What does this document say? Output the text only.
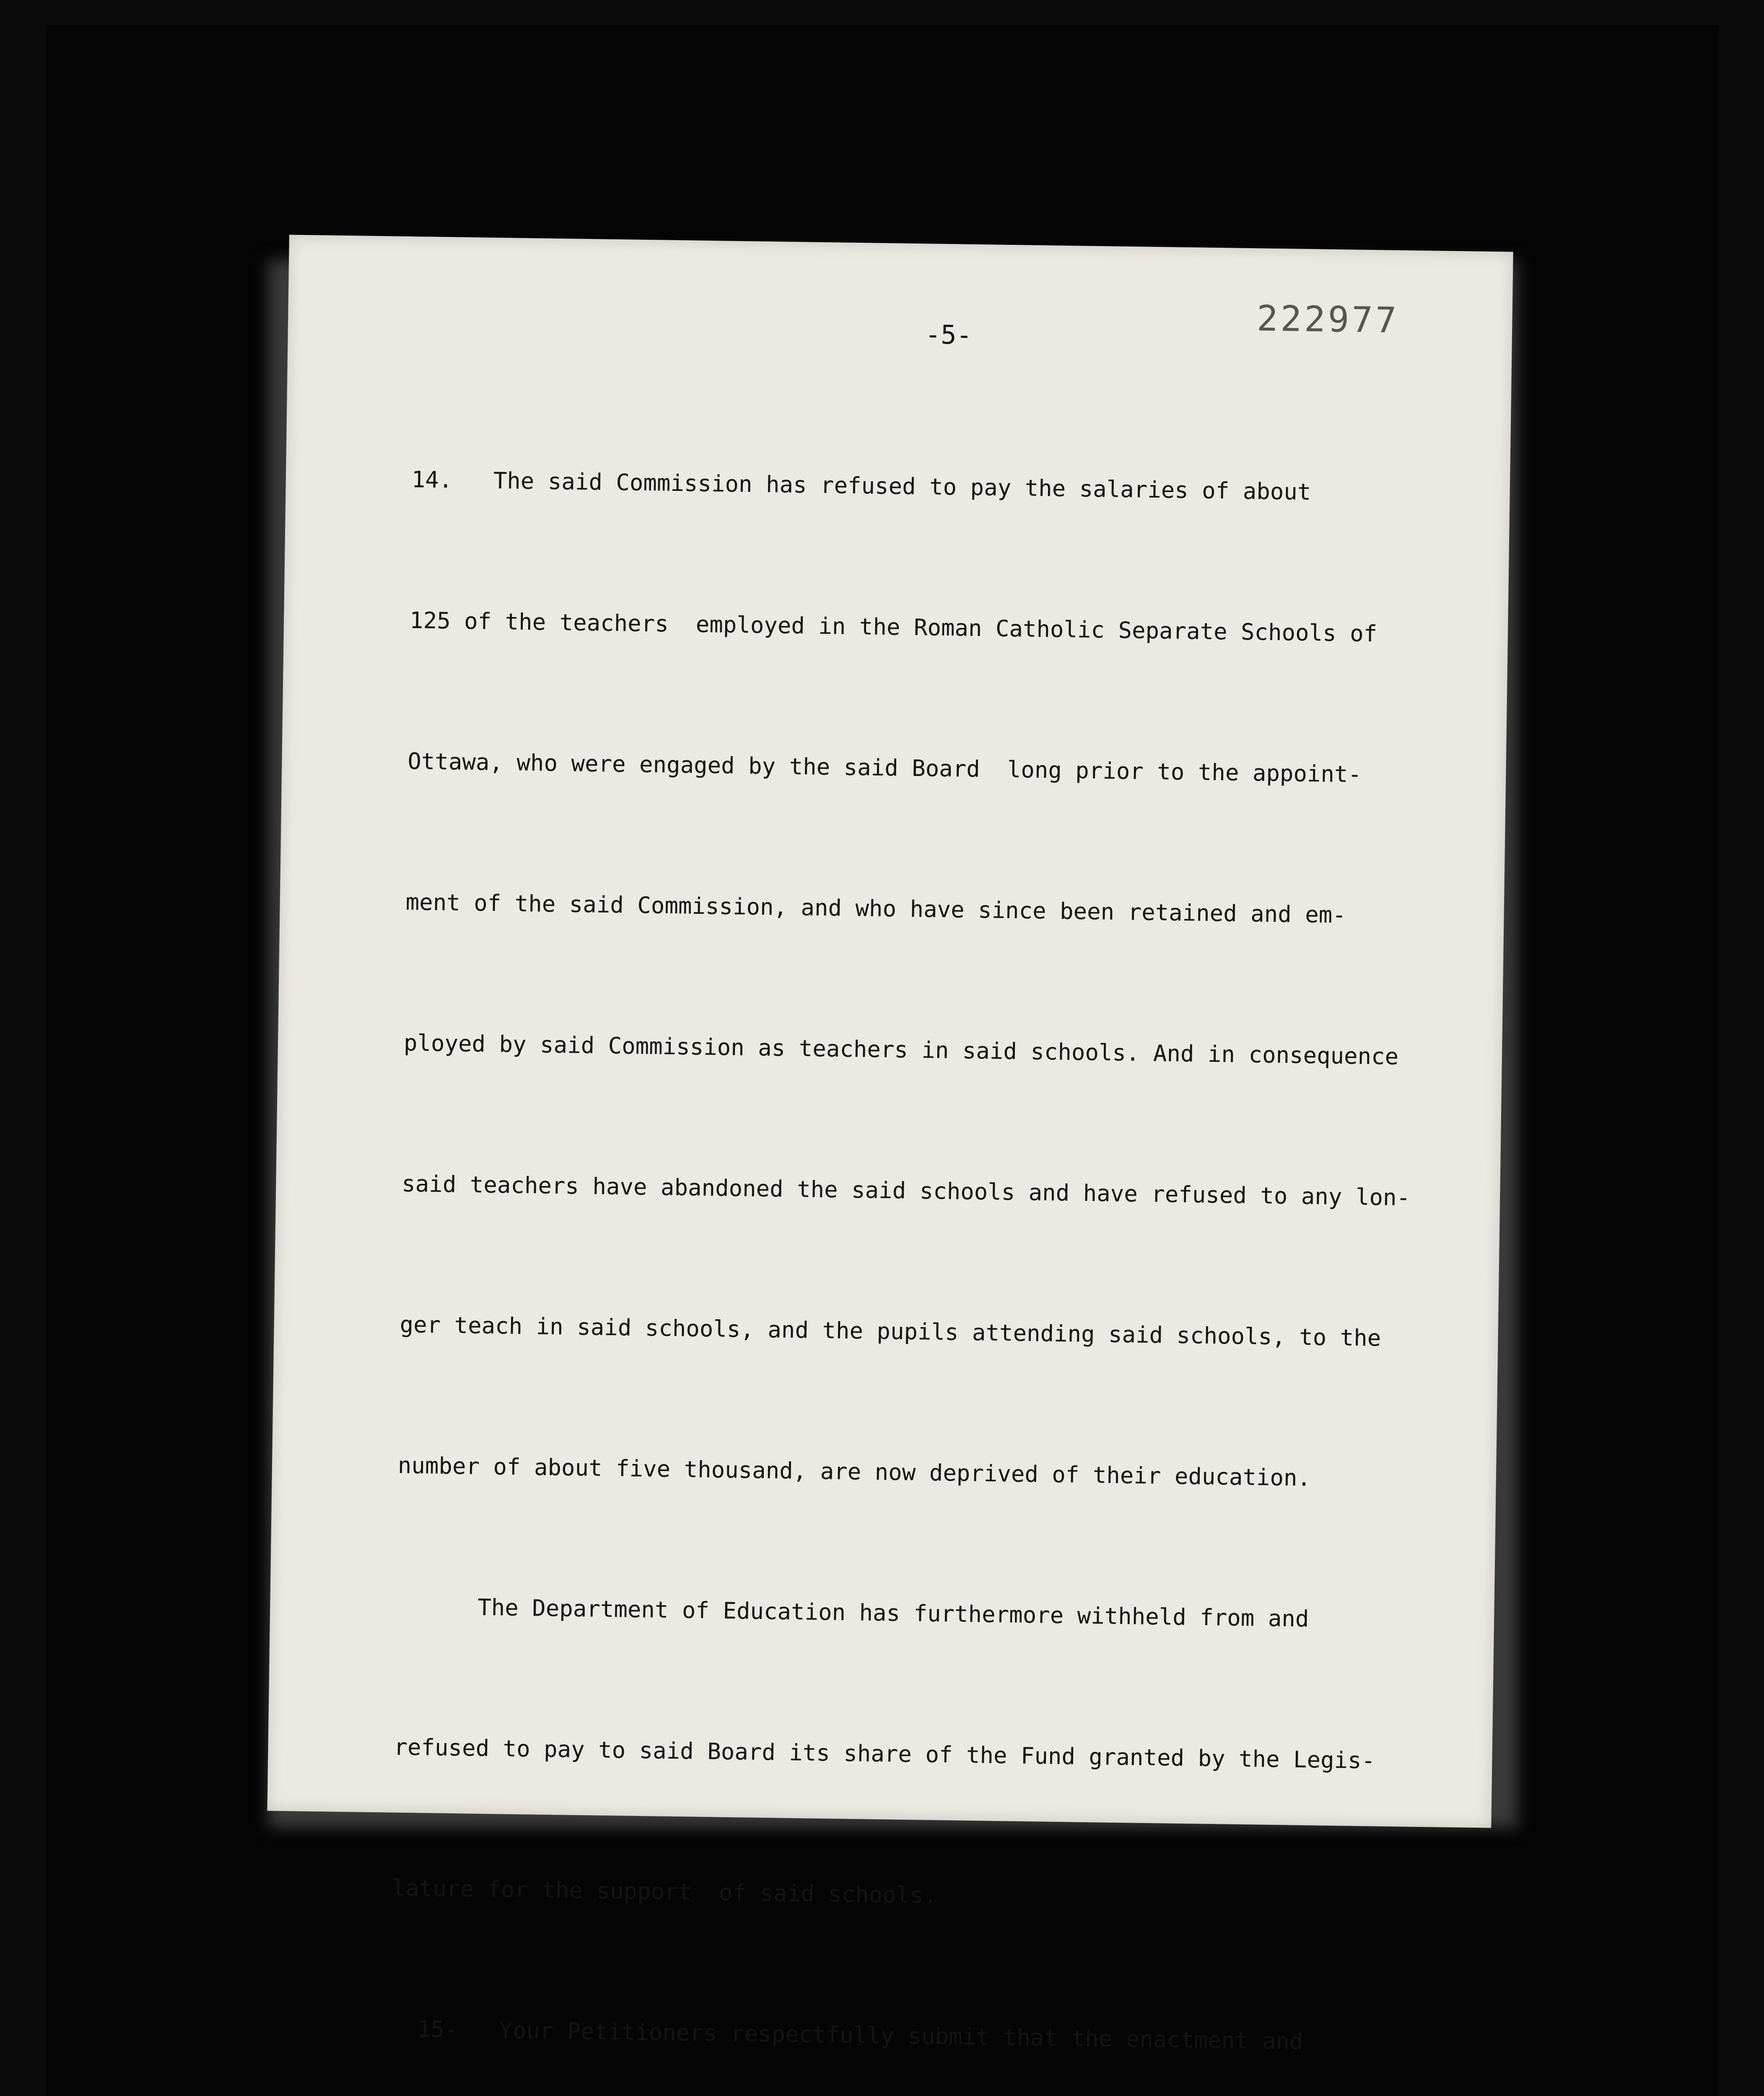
222977
-5-

14.   The said Commission has refused to pay the salaries of about

125 of the teachers  employed in the Roman Catholic Separate Schools of

Ottawa, who were engaged by the said Board  long prior to the appoint-

ment of the said Commission, and who have since been retained and em-

ployed by said Commission as teachers in said schools. And in consequence

said teachers have abandoned the said schools and have refused to any lon-

ger teach in said schools, and the pupils attending said schools, to the

number of about five thousand, are now deprived of their education.

The Department of Education has furthermore withheld from and

refused to pay to said Board its share of the Fund granted by the Legis-

lature for the support  of said schools.

15-   Your Petitioners respectfully submit that the enactment and
